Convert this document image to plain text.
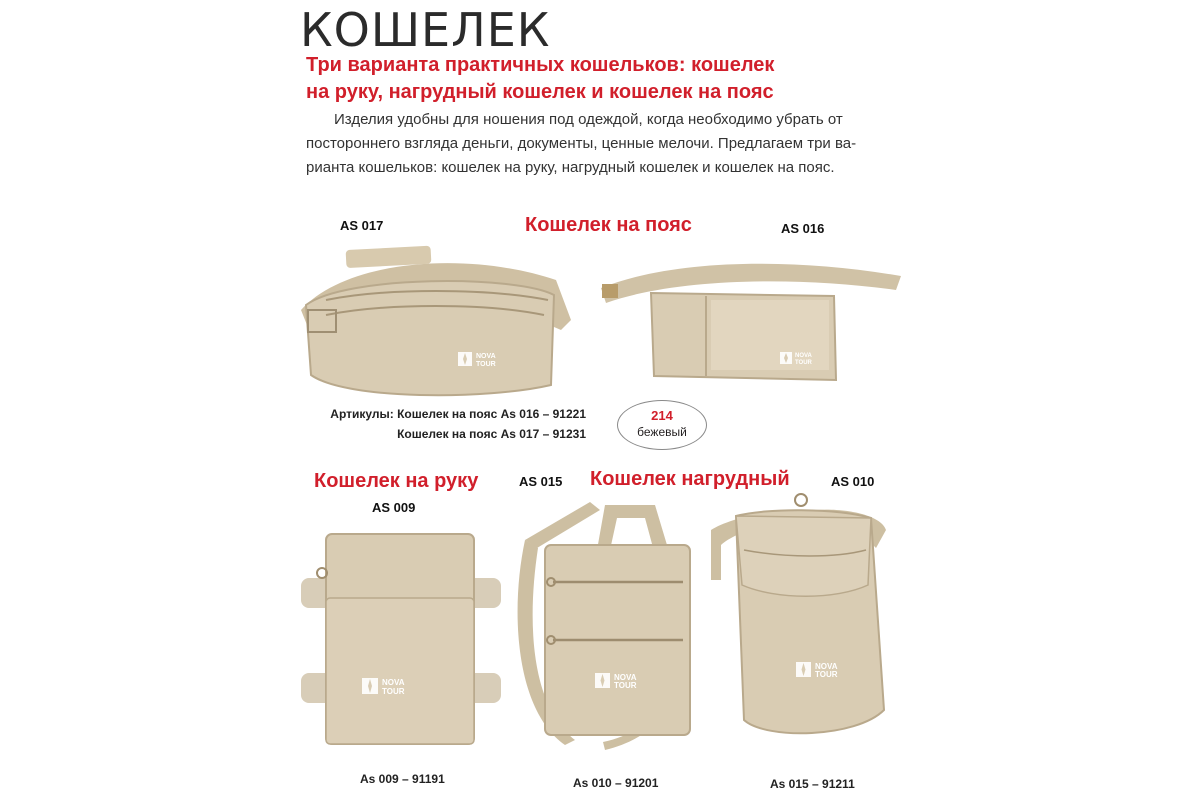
КОШЕЛЕК
Три варианта практичных кошельков: кошелек
на руку, нагрудный кошелек и кошелек на пояс
Изделия удобны для ношения под одеждой, когда необходимо убрать от
постороннего взгляда деньги, документы, ценные мелочи. Предлагаем три ва-
рианта кошельков: кошелек на руку, нагрудный кошелек и кошелек на пояс.
AS 017	Кошелек на пояс	AS 016
NOVA
TOUR
NOVA
TOUR
Артикулы: Кошелек на пояс As 016 – 91221
Кошелек на пояс As 017 – 91231
214
бежевый
Кошелек на руку
AS 009
AS 015 Кошелек нагрудный	AS 010
NOVA
TOUR
NOVA
TOUR
NOVA
TOUR
As 009 – 91191	As 010 – 91201	As 015 – 91211
